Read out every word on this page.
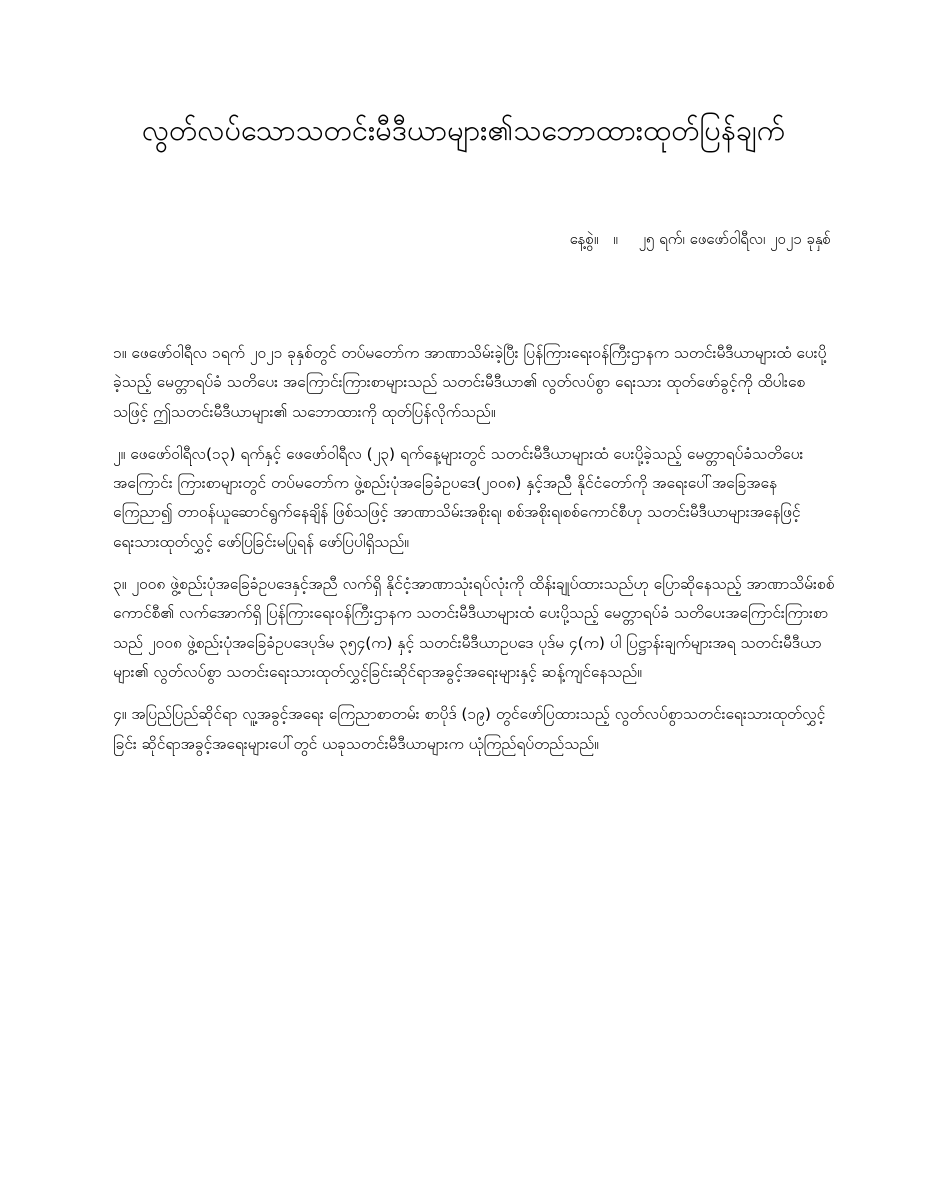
လွတ်လပ်သောသတင်းမီဒီယာများ၏သဘောထားထုတ်ပြန်ချက်
နေ့စွဲ။ ။ ၂၅ ရက်၊ ဖေဖော်ဝါရီလ၊ ၂၀၂၁ ခုနှစ်

၁။ ဖေဖော်ဝါရီလ ၁ရက် ၂၀၂၁ ခုနှစ်တွင် တပ်မတော်က အာဏာသိမ်းခဲ့ပြီး ပြန်ကြားရေးဝန်ကြီးဌာနက သတင်းမီဒီယာများထံ ပေးပို့ခဲ့သည့် မေတ္တာရပ်ခံ သတိပေး အကြောင်းကြားစာများသည် သတင်းမီဒီယာ၏ လွတ်လပ်စွာ ရေးသား ထုတ်ဖော်ခွင့်ကို ထိပါးစေသဖြင့် ဤသတင်းမီဒီယာများ၏ သဘောထားကို ထုတ်ပြန်လိုက်သည်။

၂။ ဖေဖော်ဝါရီလ(၁၃) ရက်နှင့် ဖေဖော်ဝါရီလ (၂၃) ရက်နေ့များတွင် သတင်းမီဒီယာများထံ ပေးပို့ခဲ့သည့် မေတ္တာရပ်ခံသတိပေးအကြောင်း ကြားစာများတွင် တပ်မတော်က ဖွဲ့စည်းပုံအခြေခံဥပဒေ(၂၀၀၈) နှင့်အညီ နိုင်ငံတော်ကို အရေးပေါ်အခြေအနေကြေညာ၍ တာဝန်ယူဆောင်ရွက်နေချိန် ဖြစ်သဖြင့် အာဏာသိမ်းအစိုးရ၊ စစ်အစိုးရ၊စစ်ကောင်စီဟု သတင်းမီဒီယာများအနေဖြင့် ရေးသားထုတ်လွှင့် ဖော်ပြခြင်းမပြုရန် ဖော်ပြပါရှိသည်။

၃။ ၂၀၀၈ ဖွဲ့စည်းပုံအခြေခံဥပဒေနှင့်အညီ လက်ရှိ နိုင်ငံ့အာဏာသုံးရပ်လုံးကို ထိန်းချုပ်ထားသည်ဟု ပြောဆိုနေသည့် အာဏာသိမ်းစစ်ကောင်စီ၏ လက်အောက်ရှိ ပြန်ကြားရေးဝန်ကြီးဌာနက သတင်းမီဒီယာများထံ ပေးပို့သည့် မေတ္တာရပ်ခံ သတိပေးအကြောင်းကြားစာသည် ၂၀၀၈ ဖွဲ့စည်းပုံအခြေခံဥပဒေပုဒ်မ ၃၅၄(က) နှင့် သတင်းမီဒီယာဥပဒေ ပုဒ်မ ၄(က) ပါ ပြဋ္ဌာန်းချက်များအရ သတင်းမီဒီယာများ၏ လွတ်လပ်စွာ သတင်းရေးသားထုတ်လွှင့်ခြင်းဆိုင်ရာအခွင့်အရေးများနှင့် ဆန့်ကျင်နေသည်။

၄။ အပြည်ပြည်ဆိုင်ရာ လူ့အခွင့်အရေး ကြေညာစာတမ်း စာပိုဒ် (၁၉) တွင်ဖော်ပြထားသည့် လွတ်လပ်စွာသတင်းရေးသားထုတ်လွှင့်ခြင်း ဆိုင်ရာအခွင့်အရေးများပေါ်တွင် ယခုသတင်းမီဒီယာများက ယုံကြည်ရပ်တည်သည်။
